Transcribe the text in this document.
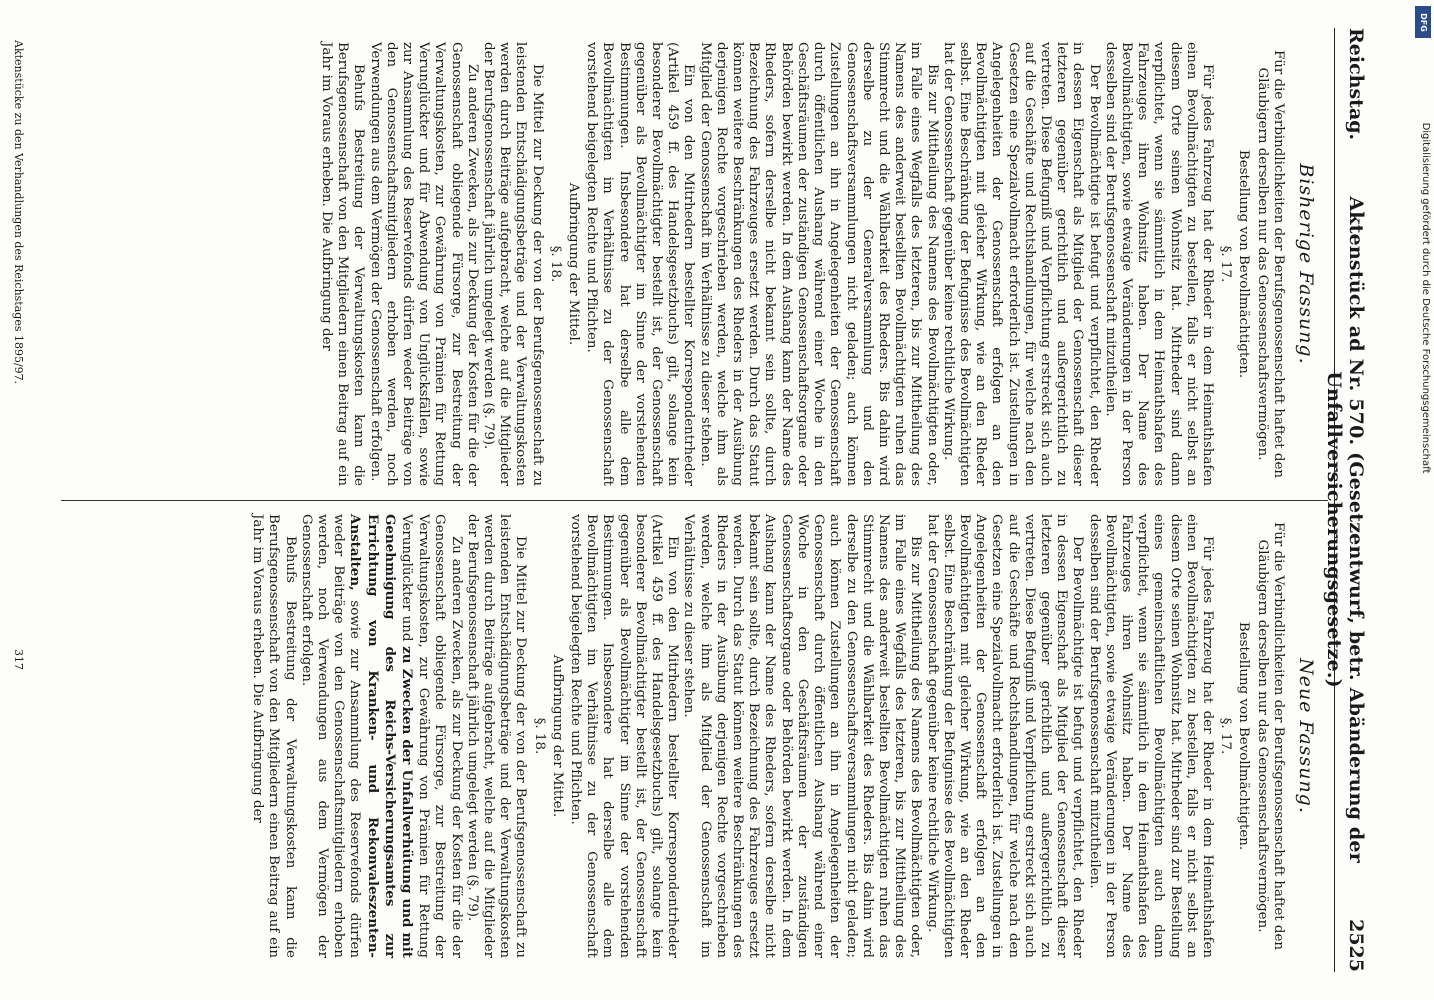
Reichstag.
Aktenstück ad Nr. 570. (Gesetzentwurf, betr. Abänderung der Unfallversicherungsgesetze.)
2525
Bisherige Fassung.

Für die Verbindlichkeiten der Berufsgenossenschaft haftet den Gläubigern derselben nur das Genossenschaftsvermögen.

Bestellung von Bevollmächtigten.

§. 17.

Für jedes Fahrzeug hat der Rheder in dem Heimathshafen einen Bevollmächtigten zu bestellen, falls er nicht selbst an diesem Orte seinen Wohnsitz hat. Mitrheder sind dann verpflichtet, wenn sie sämmtlich in dem Heimathshafen des Fahrzeuges ihren Wohnsitz haben. Der Name des Bevollmächtigten, sowie etwaige Veränderungen in der Person desselben sind der Berufsgenossenschaft mitzutheilen.

Der Bevollmächtigte ist befugt und verpflichtet, den Rheder in dessen Eigenschaft als Mitglied der Genossenschaft dieser letzteren gegenüber gerichtlich und außergerichtlich zu vertreten. Diese Befugniß und Verpflichtung erstreckt sich auch auf die Geschäfte und Rechtshandlungen, für welche nach den Gesetzen eine Spezialvollmacht erforderlich ist. Zustellungen in Angelegenheiten der Genossenschaft erfolgen an den Bevollmächtigten mit gleicher Wirkung, wie an den Rheder selbst. Eine Beschränkung der Befugnisse des Bevollmächtigten hat der Genossenschaft gegenüber keine rechtliche Wirkung.

Bis zur Mittheilung des Namens des Bevollmächtigten oder, im Falle eines Wegfalls des letzteren, bis zur Mittheilung des Namens des anderweit bestellten Bevollmächtigten ruhen das Stimmrecht und die Wählbarkeit des Rheders. Bis dahin wird derselbe zu der Generalversammlung und den Genossenschaftsversammlungen nicht geladen; auch können Zustellungen an ihn in Angelegenheiten der Genossenschaft durch öffentlichen Aushang während einer Woche in den Geschäftsräumen der zuständigen Genossenschaftsorgane oder Behörden bewirkt werden. In dem Aushang kann der Name des Rheders, sofern derselbe nicht bekannt sein sollte, durch Bezeichnung des Fahrzeuges ersetzt werden. Durch das Statut können weitere Beschränkungen des Rheders in der Ausübung derjenigen Rechte vorgeschrieben werden, welche ihm als Mitglied der Genossenschaft im Verhältnisse zu dieser stehen.

Ein von den Mitrhedern bestellter Korrespondentrheder (Artikel 459 ff. des Handelsgesetzbuchs) gilt, solange kein besonderer Bevollmächtigter bestellt ist, der Genossenschaft gegenüber als Bevollmächtigter im Sinne der vorstehenden Bestimmungen. Insbesondere hat derselbe alle dem Bevollmächtigten im Verhältnisse zu der Genossenschaft vorstehend beigelegten Rechte und Pflichten.

Aufbringung der Mittel.

§. 18.

Die Mittel zur Deckung der von der Berufsgenossenschaft zu leistenden Entschädigungsbeträge und der Verwaltungskosten werden durch Beiträge aufgebracht, welche auf die Mitglieder der Berufsgenossenschaft jährlich umgelegt werden (§. 79).

Zu anderen Zwecken, als zur Deckung der Kosten für die der Genossenschaft obliegende Fürsorge, zur Bestreitung der Verwaltungskosten, zur Gewährung von Prämien für Rettung Verunglückter und für Abwendung von Unglücksfällen, sowie zur Ansammlung des Reservefonds dürfen weder Beiträge von den Genossenschaftsmitgliedern erhoben werden, noch Verwendungen aus dem Vermögen der Genossenschaft erfolgen.

Behufs Bestreitung der Verwaltungskosten kann die Berufsgenossenschaft von den Mitgliedern einen Beitrag auf ein Jahr im Voraus erheben. Die Aufbringung der

Neue Fassung.

Für die Verbindlichkeiten der Berufsgenossenschaft haftet den Gläubigern derselben nur das Genossenschaftsvermögen.

Bestellung von Bevollmächtigten.

§. 17.

Für jedes Fahrzeug hat der Rheder in dem Heimathshafen einen Bevollmächtigten zu bestellen, falls er nicht selbst an diesem Orte seinen Wohnsitz hat. Mitrheder sind zur Bestellung eines gemeinschaftlichen Bevollmächtigten auch dann verpflichtet, wenn sie sämmtlich in dem Heimathshafen des Fahrzeuges ihren Wohnsitz haben. Der Name des Bevollmächtigten, sowie etwaige Veränderungen in der Person desselben sind der Berufsgenossenschaft mitzutheilen.

Der Bevollmächtigte ist befugt und verpflichtet, den Rheder in dessen Eigenschaft als Mitglied der Genossenschaft dieser letzteren gegenüber gerichtlich und außergerichtlich zu vertreten. Diese Befugniß und Verpflichtung erstreckt sich auch auf die Geschäfte und Rechtshandlungen, für welche nach den Gesetzen eine Spezialvollmacht erforderlich ist. Zustellungen in Angelegenheiten der Genossenschaft erfolgen an den Bevollmächtigten mit gleicher Wirkung, wie an den Rheder selbst. Eine Beschränkung der Befugnisse des Bevollmächtigten hat der Genossenschaft gegenüber keine rechtliche Wirkung.

Bis zur Mittheilung des Namens des Bevollmächtigten oder, im Falle eines Wegfalls des letzteren, bis zur Mittheilung des Namens des anderweit bestellten Bevollmächtigten ruhen das Stimmrecht und die Wählbarkeit des Rheders. Bis dahin wird derselbe zu den Genossenschaftsversammlungen nicht geladen; auch können Zustellungen an ihn in Angelegenheiten der Genossenschaft durch öffentlichen Aushang während einer Woche in den Geschäftsräumen der zuständigen Genossenschaftsorgane oder Behörden bewirkt werden. In dem Aushang kann der Name des Rheders, sofern derselbe nicht bekannt sein sollte, durch Bezeichnung des Fahrzeuges ersetzt werden. Durch das Statut können weitere Beschränkungen des Rheders in der Ausübung derjenigen Rechte vorgeschrieben werden, welche ihm als Mitglied der Genossenschaft im Verhältnisse zu dieser stehen.

Ein von den Mitrhedern bestellter Korrespondentrheder (Artikel 459 ff. des Handelsgesetzbuchs) gilt, solange kein besonderer Bevollmächtigter bestellt ist, der Genossenschaft gegenüber als Bevollmächtigter im Sinne der vorstehenden Bestimmungen. Insbesondere hat derselbe alle dem Bevollmächtigten im Verhältnisse zu der Genossenschaft vorstehend beigelegten Rechte und Pflichten.

Aufbringung der Mittel.

§. 18.

Die Mittel zur Deckung der von der Berufsgenossenschaft zu leistenden Entschädigungsbeträge und der Verwaltungskosten werden durch Beiträge aufgebracht, welche auf die Mitglieder der Berufsgenossenschaft jährlich umgelegt werden (§. 79).

Zu anderen Zwecken, als zur Deckung der Kosten für die der Genossenschaft obliegende Fürsorge, zur Bestreitung der Verwaltungskosten, zur Gewährung von Prämien für Rettung Verunglückter und zu Zwecken der Unfallverhütung und mit Genehmigung des Reichs-Versicherungsamtes zur Errichtung von Kranken- und Rekonvaleszenten-Anstalten, sowie zur Ansammlung des Reservefonds dürfen weder Beiträge von den Genossenschaftsmitgliedern erhoben werden, noch Verwendungen aus dem Vermögen der Genossenschaft erfolgen.

Behufs Bestreitung der Verwaltungskosten kann die Berufsgenossenschaft von den Mitgliedern einen Beitrag auf ein Jahr im Voraus erheben. Die Aufbringung der

Aktenstücke zu den Verhandlungen des Reichstages 1895/97.
317
DFG
Digitalisierung gefördert durch die Deutsche Forschungsgemeinschaft
